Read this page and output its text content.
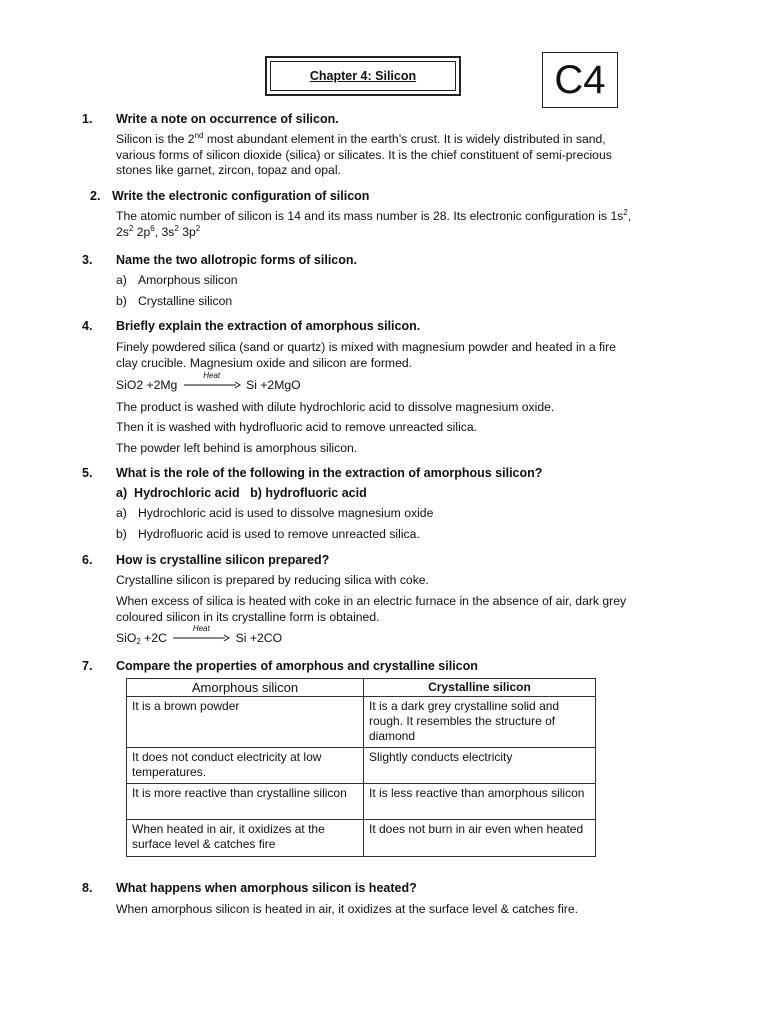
Chapter 4: Silicon	C4
1. Write a note on occurrence of silicon.
Silicon is the 2nd most abundant element in the earth’s crust. It is widely distributed in sand, various forms of silicon dioxide (silica) or silicates. It is the chief constituent of semi-precious stones like garnet, zircon, topaz and opal.
2. Write the electronic configuration of silicon
The atomic number of silicon is 14 and its mass number is 28. Its electronic configuration is $1s^2$, $2s^2$ $2p^6$, $3s^2$ $3p^2$
3. Name the two allotropic forms of silicon.
a) Amorphous silicon
b) Crystalline silicon
4. Briefly explain the extraction of amorphous silicon.
Finely powdered silica (sand or quartz) is mixed with magnesium powder and heated in a fire clay crucible. Magnesium oxide and silicon are formed.
SiO2 +2Mg
Heat
Si +2MgO
The product is washed with dilute hydrochloric acid to dissolve magnesium oxide.
Then it is washed with hydrofluoric acid to remove unreacted silica.
The powder left behind is amorphous silicon.
5. What is the role of the following in the extraction of amorphous silicon?
a)  Hydrochloric acid   b) hydrofluoric acid
a) Hydrochloric acid is used to dissolve magnesium oxide
b) Hydrofluoric acid is used to remove unreacted silica.
6. How is crystalline silicon prepared?
Crystalline silicon is prepared by reducing silica with coke.
When excess of silica is heated with coke in an electric furnace in the absence of air, dark grey coloured silicon in its crystalline form is obtained.
SiO$_2$ +2C
Heat
Si +2CO
7. Compare the properties of amorphous and crystalline silicon
Amorphous silicon	Crystalline silicon
It is a brown powder	It is a dark grey crystalline solid and rough. It resembles the structure of diamond
It does not conduct electricity at low temperatures.	Slightly conducts electricity
It is more reactive than crystalline silicon	It is less reactive than amorphous silicon
When heated in air, it oxidizes at the surface level & catches fire	It does not burn in air even when heated
8. What happens when amorphous silicon is heated?
When amorphous silicon is heated in air, it oxidizes at the surface level & catches fire.
